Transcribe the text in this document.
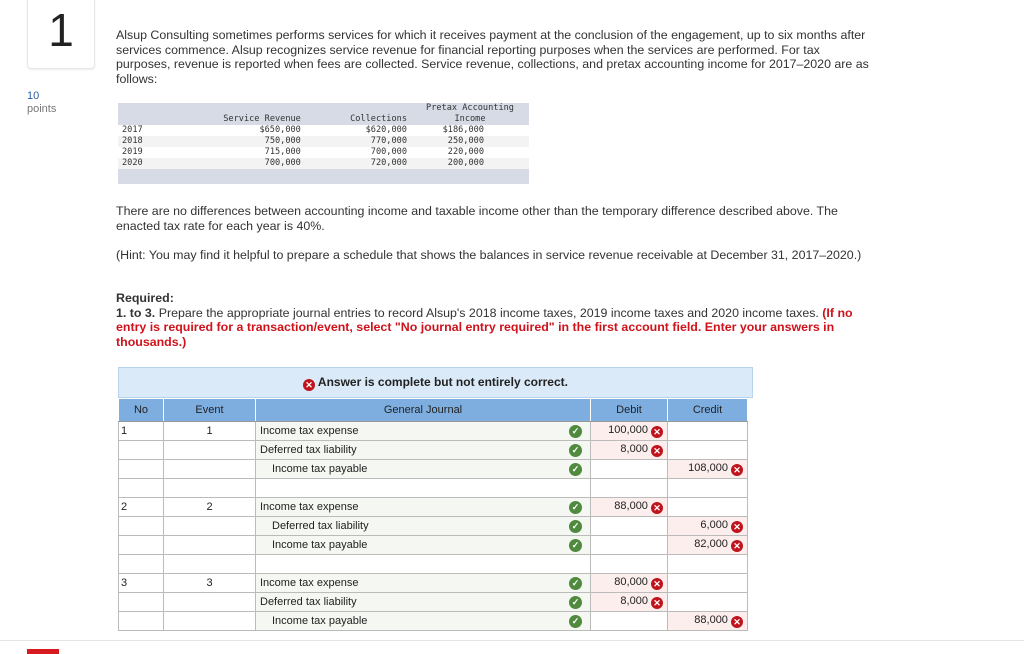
1
10
points
Alsup Consulting sometimes performs services for which it receives payment at the conclusion of the engagement, up to six months after services commence. Alsup recognizes service revenue for financial reporting purposes when the services are performed. For tax purposes, revenue is reported when fees are collected. Service revenue, collections, and pretax accounting income for 2017–2020 are as follows:
	Service Revenue	Collections	Pretax Accounting Income
2017	$650,000	$620,000	$186,000
2018	750,000	770,000	250,000
2019	715,000	700,000	220,000
2020	700,000	720,000	200,000
There are no differences between accounting income and taxable income other than the temporary difference described above. The enacted tax rate for each year is 40%.
(Hint: You may find it helpful to prepare a schedule that shows the balances in service revenue receivable at December 31, 2017–2020.)
Required:
1. to 3. Prepare the appropriate journal entries to record Alsup's 2018 income taxes, 2019 income taxes and 2020 income taxes. (If no entry is required for a transaction/event, select "No journal entry required" in the first account field. Enter your answers in thousands.)
✕ Answer is complete but not entirely correct.
No	Event	General Journal	Debit	Credit
1	1	Income tax expense ✓	100,000 ✕	
		Deferred tax liability ✓	8,000 ✕	
		Income tax payable ✓		108,000 ✕

2	2	Income tax expense ✓	88,000 ✕	
		Deferred tax liability ✓		6,000 ✕
		Income tax payable ✓		82,000 ✕

3	3	Income tax expense ✓	80,000 ✕	
		Deferred tax liability ✓	8,000 ✕	
		Income tax payable ✓		88,000 ✕
